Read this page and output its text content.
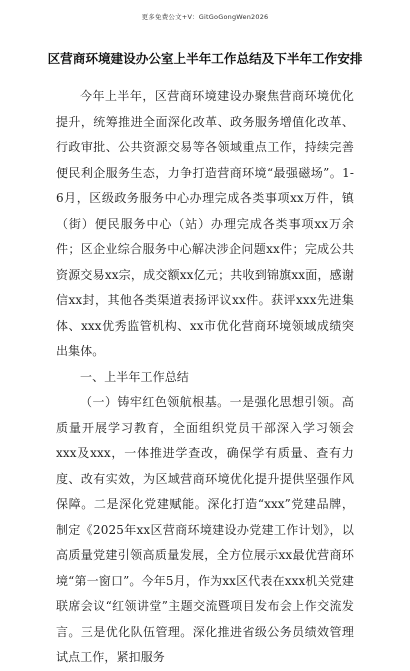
更多免费公文+V：GitGoGongWen2026
区营商环境建设办公室上半年工作总结及下半年工作安排

今年上半年，区营商环境建设办聚焦营商环境优化提升，统筹推进全面深化改革、政务服务增值化改革、行政审批、公共资源交易等各领域重点工作，持续完善便民利企服务生态，力争打造营商环境“最强磁场”。1-6月，区级政务服务中心办理完成各类事项xx万件，镇（街）便民服务中心（站）办理完成各类事项xx万余件；区企业综合服务中心解决涉企问题xx件；完成公共资源交易xx宗，成交额xx亿元；共收到锦旗xx面，感谢信xx封，其他各类渠道表扬评议xx件。获评xxx先进集体、xxx优秀监管机构、xx市优化营商环境领域成绩突出集体。

一、上半年工作总结

（一）铸牢红色领航根基。一是强化思想引领。高质量开展学习教育，全面组织党员干部深入学习领会xxx及xxx，一体推进学查改，确保学有质量、查有力度、改有实效，为区域营商环境优化提升提供坚强作风保障。二是深化党建赋能。深化打造“xxx”党建品牌，制定《2025年xx区营商环境建设办党建工作计划》，以高质量党建引领高质量发展，全方位展示xx最优营商环境“第一窗口”。今年5月，作为xx区代表在xxx机关党建联席会议“红领讲堂”主题交流暨项目发布会上作交流发言。三是优化队伍管理。深化推进省级公务员绩效管理试点工作，紧扣服务
